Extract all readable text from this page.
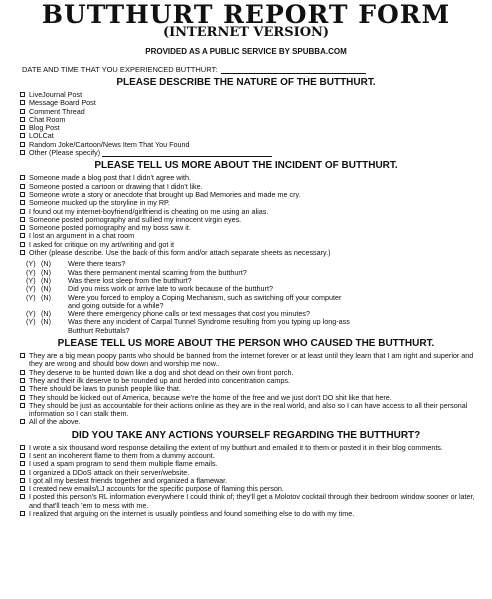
BUTTHURT REPORT FORM
(INTERNET VERSION)
PROVIDED AS A PUBLIC SERVICE BY SPUBBA.COM
DATE AND TIME THAT YOU EXPERIENCED BUTTHURT:
PLEASE DESCRIBE THE NATURE OF THE BUTTHURT.
LiveJournal Post
Message Board Post
Comment Thread
Chat Room
Blog Post
LOLCat
Random Joke/Cartoon/News Item That You Found
Other (Please specify)
PLEASE TELL US MORE ABOUT THE INCIDENT OF BUTTHURT.
Someone made a blog post that I didn't agree with.
Someone posted a cartoon or drawing that I didn't like.
Someone wrote a story or anecdote that brought up Bad Memories and made me cry.
Someone mucked up the storyline in my RP.
I found out my internet-boyfriend/girlfriend is cheating on me using an alias.
Someone posted pornography and sullied my innocent virgin eyes.
Someone posted pornography and my boss saw it.
I lost an argument in a chat room
I asked for critique on my art/writing and got it
Other (please describe. Use the back of this form and/or attach separate sheets as necessary.)
(Y) (N) Were there tears?
(Y) (N) Was there permanent mental scarring from the butthurt?
(Y) (N) Was there lost sleep from the butthurt?
(Y) (N) Did you miss work or arrive late to work because of the butthurt?
(Y) (N) Were you forced to employ a Coping Mechanism, such as switching off your computer
and going outside for a while?
(Y) (N) Were there emergency phone calls or text messages that cost you minutes?
(Y) (N) Was there any incident of Carpal Tunnel Syndrome resulting from you typing up long-ass
Butthurt Rebuttals?
PLEASE TELL US MORE ABOUT THE PERSON WHO CAUSED THE BUTTHURT.
They are a big mean poopy pants who should be banned from the internet forever or at least until they learn that I am right and superior and they are wrong and should bow down and worship me now..
They deserve to be hunted down like a dog and shot dead on their own front porch.
They and their ilk deserve to be rounded up and herded into concentration camps.
There should be laws to punish people like that.
They should be kicked out of America, because we're the home of the free and we just don't DO shit like that here.
They should be just as accountable for their actions online as they are in the real world, and also so I can have access to all their personal information so I can stalk them.
All of the above.
DID YOU TAKE ANY ACTIONS YOURSELF REGARDING THE BUTTHURT?
I wrote a six thousand word response detailing the extent of my butthurt and emailed it to them or posted it in their blog comments.
I sent an incoherent flame to them from a dummy account.
I used a spam program to send them multiple flame emails.
I organized a DDoS attack on their server/website.
I got all my bestest friends together and organized a flamewar.
I created new emails/LJ accounts for the specific purpose of flaming this person.
I posted this person's RL information everywhere I could think of; they'll get a Molotov cocktail through their bedroom window sooner or later, and that'll teach 'em to mess with me.
I realized that arguing on the internet is usually pointless and found something else to do with my time.
